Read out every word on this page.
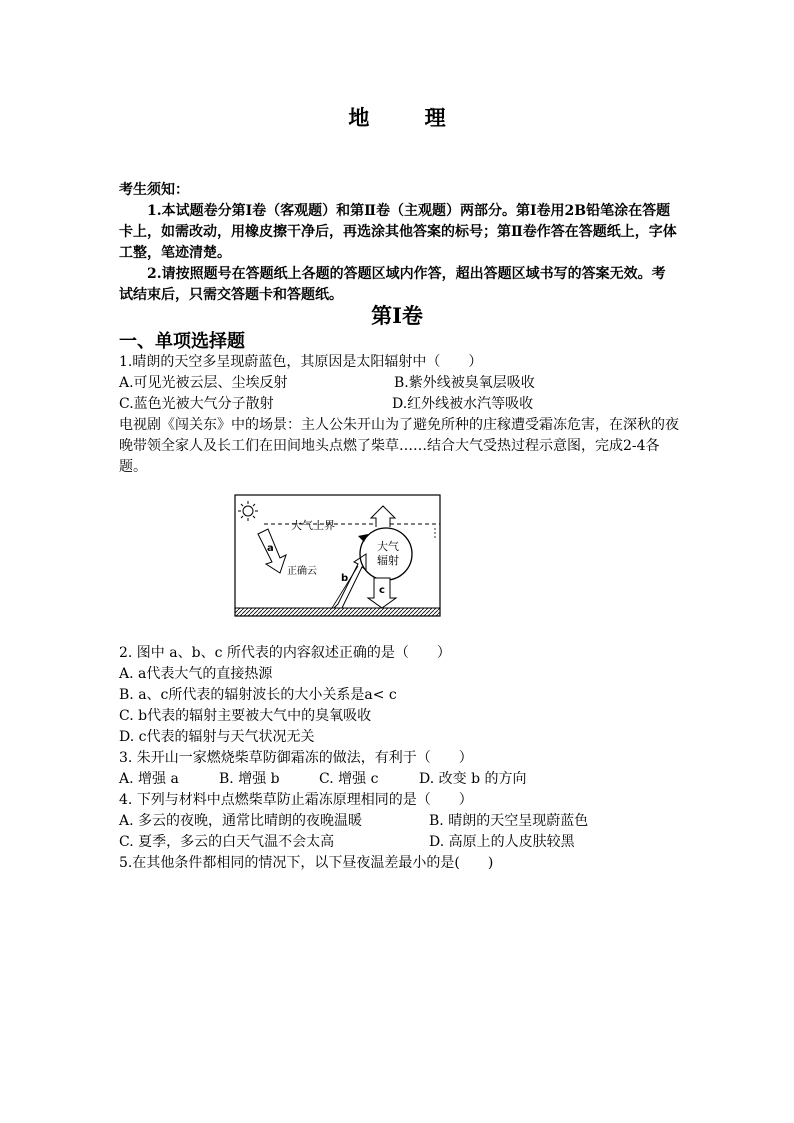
地 理

考生须知：

1.本试题卷分第Ⅰ卷（客观题）和第Ⅱ卷（主观题）两部分。第Ⅰ卷用2B铅笔涂在答题卡上，如需改动，用橡皮擦干净后，再选涂其他答案的标号；第Ⅱ卷作答在答题纸上，字体工整，笔迹清楚。

2.请按照题号在答题纸上各题的答题区域内作答，超出答题区域书写的答案无效。考试结束后，只需交答题卡和答题纸。

第Ⅰ卷
一、单项选择题
1.晴朗的天空多呈现蔚蓝色，其原因是太阳辐射中（　　）
A.可见光被云层、尘埃反射	B.紫外线被臭氧层吸收
C.蓝色光被大气分子散射	D.红外线被水汽等吸收
电视剧《闯关东》中的场景：主人公朱开山为了避免所种的庄稼遭受霜冻危害，在深秋的夜晚带领全家人及长工们在田间地头点燃了柴草……结合大气受热过程示意图，完成2-4各题。
大气上界
a
正确云
b
大气
辐射
c
2. 图中 a、b、c 所代表的内容叙述正确的是（　　）
A. a代表大气的直接热源
B. a、c所代表的辐射波长的大小关系是a< c
C. b代表的辐射主要被大气中的臭氧吸收
D. c代表的辐射与天气状况无关
3. 朱开山一家燃烧柴草防御霜冻的做法，有利于（　　）
A. 增强 a	B. 增强 b	C. 增强 c	D. 改变 b 的方向
4. 下列与材料中点燃柴草防止霜冻原理相同的是（　　）
A. 多云的夜晚，通常比晴朗的夜晚温暖	B. 晴朗的天空呈现蔚蓝色
C. 夏季，多云的白天气温不会太高	D. 高原上的人皮肤较黑
5.在其他条件都相同的情况下，以下昼夜温差最小的是(　　)
